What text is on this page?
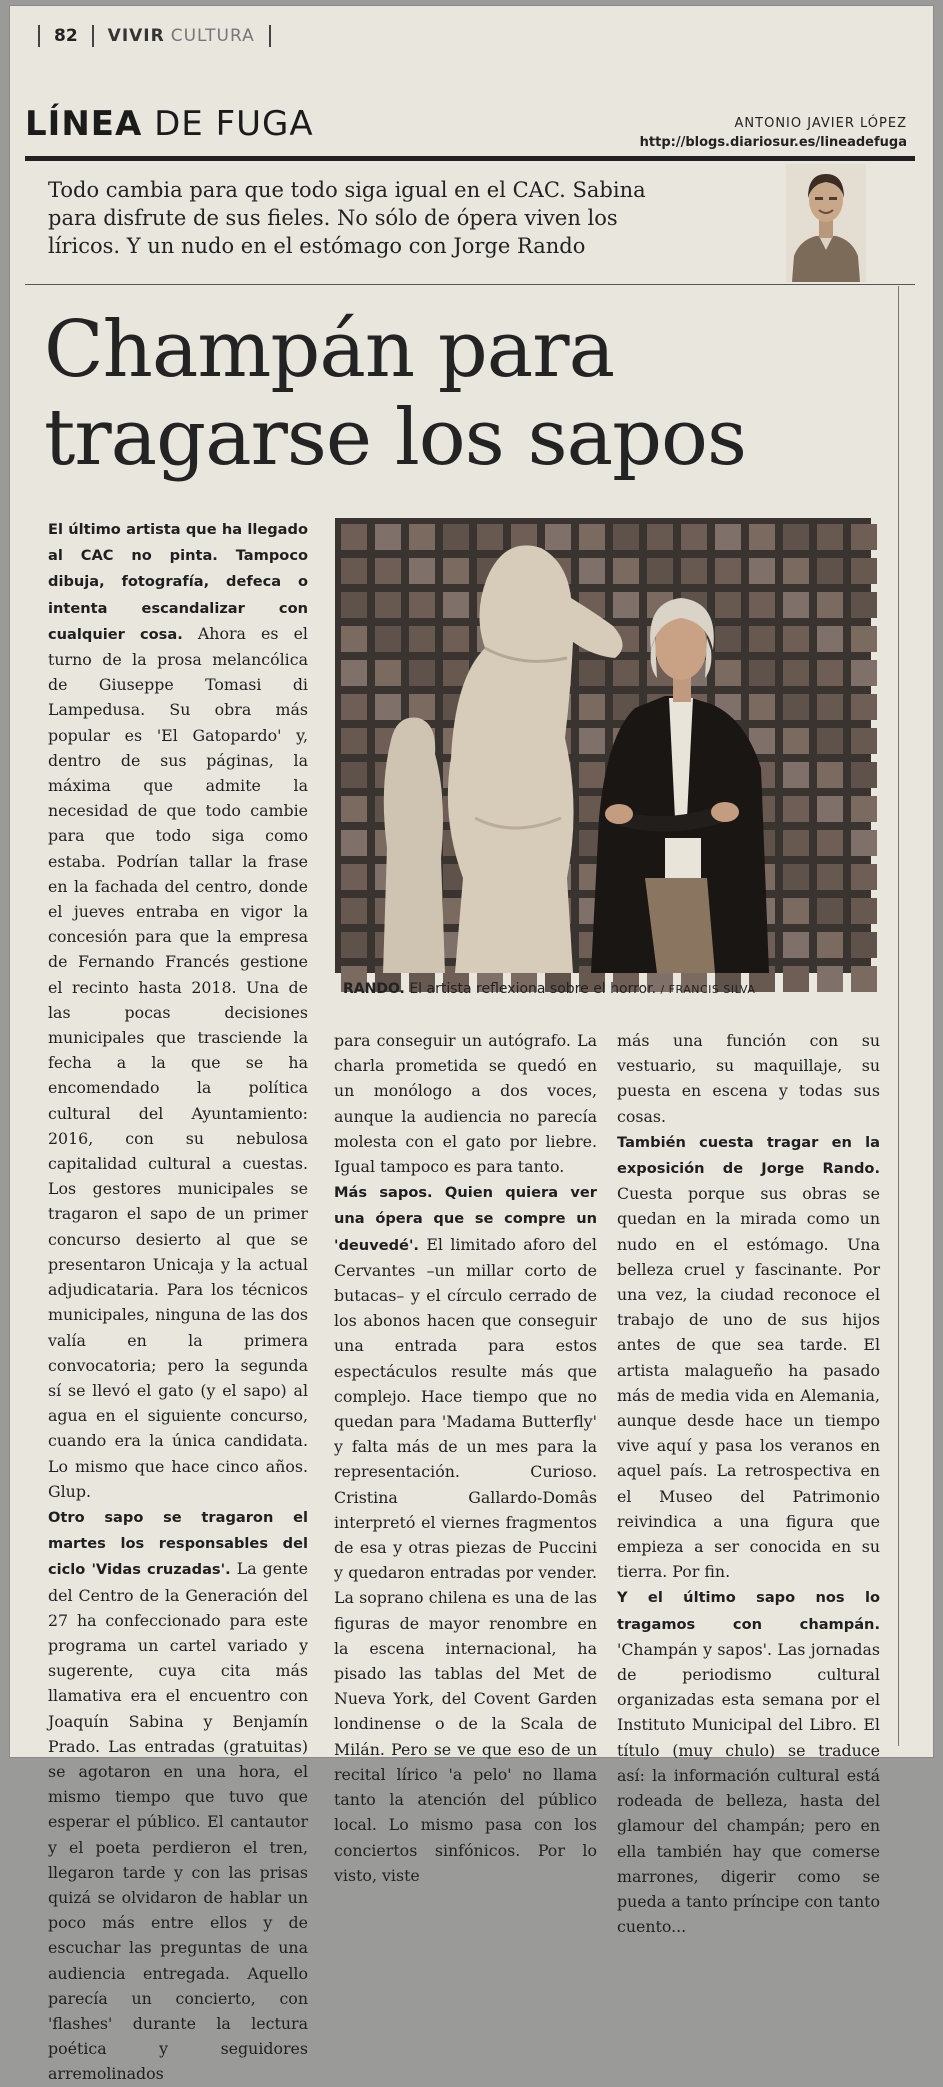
82 VIVIR CULTURA
LÍNEA DE FUGA	ANTONIO JAVIER LÓPEZ
http://blogs.diariosur.es/lineadefuga
Todo cambia para que todo siga igual en el CAC. Sabina para disfrute de sus fieles. No sólo de ópera viven los líricos. Y un nudo en el estómago con Jorge Rando
Champán para tragarse los sapos

El último artista que ha llegado al CAC no pinta. Tampoco dibuja, fotografía, defeca o intenta escandalizar con cualquier cosa. Ahora es el turno de la prosa melancólica de Giuseppe Tomasi di Lampedusa. Su obra más popular es 'El Gatopardo' y, dentro de sus páginas, la máxima que admite la necesidad de que todo cambie para que todo siga como estaba. Podrían tallar la frase en la fachada del centro, donde el jueves entraba en vigor la concesión para que la empresa de Fernando Francés gestione el recinto hasta 2018. Una de las pocas decisiones municipales que trasciende la fecha a la que se ha encomendado la política cultural del Ayuntamiento: 2016, con su nebulosa capitalidad cultural a cuestas. Los gestores municipales se tragaron el sapo de un primer concurso desierto al que se presentaron Unicaja y la actual adjudicataria. Para los técnicos municipales, ninguna de las dos valía en la primera convocatoria; pero la segunda sí se llevó el gato (y el sapo) al agua en el siguiente concurso, cuando era la única candidata. Lo mismo que hace cinco años. Glup.

Otro sapo se tragaron el martes los responsables del ciclo 'Vidas cruzadas'. La gente del Centro de la Generación del 27 ha confeccionado para este programa un cartel variado y sugerente, cuya cita más llamativa era el encuentro con Joaquín Sabina y Benjamín Prado. Las entradas (gratuitas) se agotaron en una hora, el mismo tiempo que tuvo que esperar el público. El cantautor y el poeta perdieron el tren, llegaron tarde y con las prisas quizá se olvidaron de hablar un poco más entre ellos y de escuchar las preguntas de una audiencia entregada. Aquello parecía un concierto, con 'flashes' durante la lectura poética y seguidores arremolinados

RANDO. El artista reflexiona sobre el horror. / FRANCIS SILVA

para conseguir un autógrafo. La charla prometida se quedó en un monólogo a dos voces, aunque la audiencia no parecía molesta con el gato por liebre. Igual tampoco es para tanto.

Más sapos. Quien quiera ver una ópera que se compre un 'deuvedé'. El limitado aforo del Cervantes –un millar corto de butacas– y el círculo cerrado de los abonos hacen que conseguir una entrada para estos espectáculos resulte más que complejo. Hace tiempo que no quedan para 'Madama Butterfly' y falta más de un mes para la representación. Curioso. Cristina Gallardo-Domâs interpretó el viernes fragmentos de esa y otras piezas de Puccini y quedaron entradas por vender. La soprano chilena es una de las figuras de mayor renombre en la escena internacional, ha pisado las tablas del Met de Nueva York, del Covent Garden londinense o de la Scala de Milán. Pero se ve que eso de un recital lírico 'a pelo' no llama tanto la atención del público local. Lo mismo pasa con los conciertos sinfónicos. Por lo visto, viste

más una función con su vestuario, su maquillaje, su puesta en escena y todas sus cosas.

También cuesta tragar en la exposición de Jorge Rando. Cuesta porque sus obras se quedan en la mirada como un nudo en el estómago. Una belleza cruel y fascinante. Por una vez, la ciudad reconoce el trabajo de uno de sus hijos antes de que sea tarde. El artista malagueño ha pasado más de media vida en Alemania, aunque desde hace un tiempo vive aquí y pasa los veranos en aquel país. La retrospectiva en el Museo del Patrimonio reivindica a una figura que empieza a ser conocida en su tierra. Por fin.

Y el último sapo nos lo tragamos con champán. 'Champán y sapos'. Las jornadas de periodismo cultural organizadas esta semana por el Instituto Municipal del Libro. El título (muy chulo) se traduce así: la información cultural está rodeada de belleza, hasta del glamour del champán; pero en ella también hay que comerse marrones, digerir como se pueda a tanto príncipe con tanto cuento...
